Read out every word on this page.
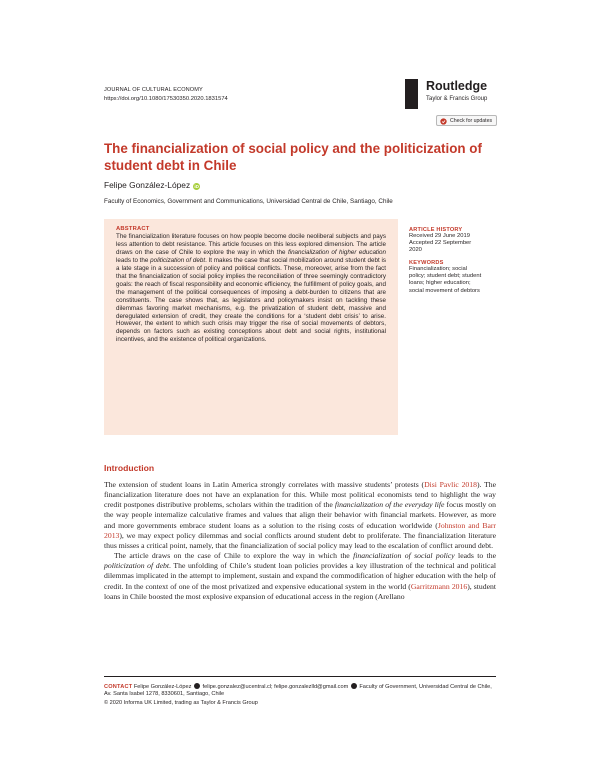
JOURNAL OF CULTURAL ECONOMY
https://doi.org/10.1080/17530350.2020.1831574
Routledge
Taylor & Francis Group
Check for updates
The financialization of social policy and the politicization of student debt in Chile
Felipe González-López iD
Faculty of Economics, Government and Communications, Universidad Central de Chile, Santiago, Chile
ABSTRACT

The financialization literature focuses on how people become docile neoliberal subjects and pays less attention to debt resistance. This article focuses on this less explored dimension. The article draws on the case of Chile to explore the way in which the financialization of higher education leads to the politicization of debt. It makes the case that social mobilization around student debt is a late stage in a succession of policy and political conflicts. These, moreover, arise from the fact that the financialization of social policy implies the reconciliation of three seemingly contradictory goals: the reach of fiscal responsibility and economic efficiency, the fulfillment of policy goals, and the management of the political consequences of imposing a debt-burden to citizens that are constituents. The case shows that, as legislators and policymakers insist on tackling these dilemmas favoring market mechanisms, e.g. the privatization of student debt, massive and deregulated extension of credit, they create the conditions for a ‘student debt crisis’ to arise. However, the extent to which such crisis may trigger the rise of social movements of debtors, depends on factors such as existing conceptions about debt and social rights, institutional incentives, and the existence of political organizations.

ARTICLE HISTORY
Received 29 June 2019
Accepted 22 September
2020
KEYWORDS
Financialization; social
policy; student debt; student
loans; higher education;
social movement of debtors
Introduction

The extension of student loans in Latin America strongly correlates with massive students’ protests (Disi Pavlic 2018). The financialization literature does not have an explanation for this. While most political economists tend to highlight the way credit postpones distributive problems, scholars within the tradition of the financialization of the everyday life focus mostly on the way people internalize calculative frames and values that align their behavior with financial markets. However, as more and more governments embrace student loans as a solution to the rising costs of education worldwide (Johnston and Barr 2013), we may expect policy dilemmas and social conflicts around student debt to proliferate. The financialization literature thus misses a critical point, namely, that the financialization of social policy may lead to the escalation of conflict around debt.

The article draws on the case of Chile to explore the way in which the financialization of social policy leads to the politicization of debt. The unfolding of Chile’s student loan policies provides a key illustration of the technical and political dilemmas implicated in the attempt to implement, sustain and expand the commodification of higher education with the help of credit. In the context of one of the most privatized and expensive educational system in the world (Garritzmann 2016), student loans in Chile boosted the most explosive expansion of educational access in the region (Arellano

CONTACT Felipe González-López felipe.gonzalez@ucentral.cl; felipe.gonzalezlld@gmail.com Faculty of Government, Universidad Central de Chile, Av. Santa Isabel 1278, 8330601, Santiago, Chile
© 2020 Informa UK Limited, trading as Taylor & Francis Group
